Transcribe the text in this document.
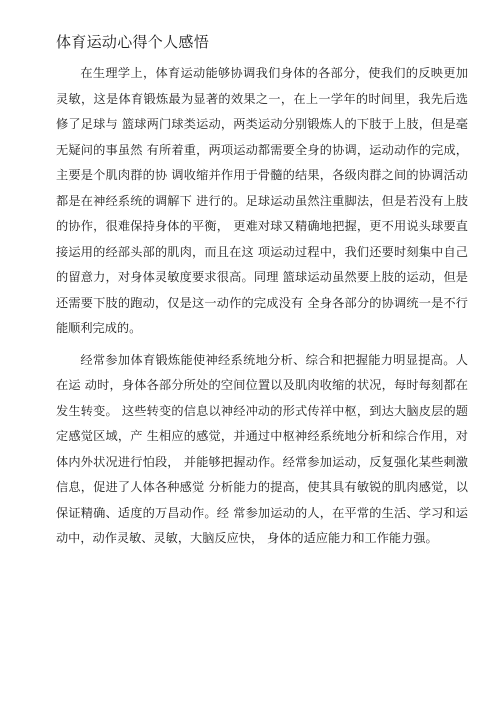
体育运动心得个人感悟

在生理学上，体育运动能够协调我们身体的各部分，使我们的反映更加灵敏，这是体育锻炼最为显著的效果之一，在上一学年的时间里，我先后选修了足球与 篮球两门球类运动，两类运动分别锻炼人的下肢于上肢，但是毫无疑问的事虽然 有所着重，两项运动都需要全身的协调，运动动作的完成，主要是个肌肉群的协 调收缩并作用于骨髓的结果，各级肉群之间的协调活动都是在神经系统的调解下 进行的。足球运动虽然注重脚法，但是若没有上肢的协作，很难保持身体的平衡， 更难对球又精确地把握，更不用说头球要直接运用的经部头部的肌肉，而且在这 项运动过程中，我们还要时刻集中自己的留意力，对身体灵敏度要求很高。同理 篮球运动虽然要上肢的运动，但是还需要下肢的跑动，仅是这一动作的完成没有 全身各部分的协调统一是不行能顺利完成的。

经常参加体育锻炼能使神经系统地分析、综合和把握能力明显提高。人在运 动时，身体各部分所处的空间位置以及肌肉收缩的状况，每时每刻都在发生转变。 这些转变的信息以神经冲动的形式传祥中枢，到达大脑皮层的题定感觉区域，产 生相应的感觉，并通过中枢神经系统地分析和综合作用，对体内外状况进行怕段， 并能够把握动作。经常参加运动，反复强化某些刺激信息，促进了人体各种感觉 分析能力的提高，使其具有敏锐的肌肉感觉，以保证精确、适度的万昌动作。经 常参加运动的人，在平常的生活、学习和运动中，动作灵敏、灵敏，大脑反应快， 身体的适应能力和工作能力强。
